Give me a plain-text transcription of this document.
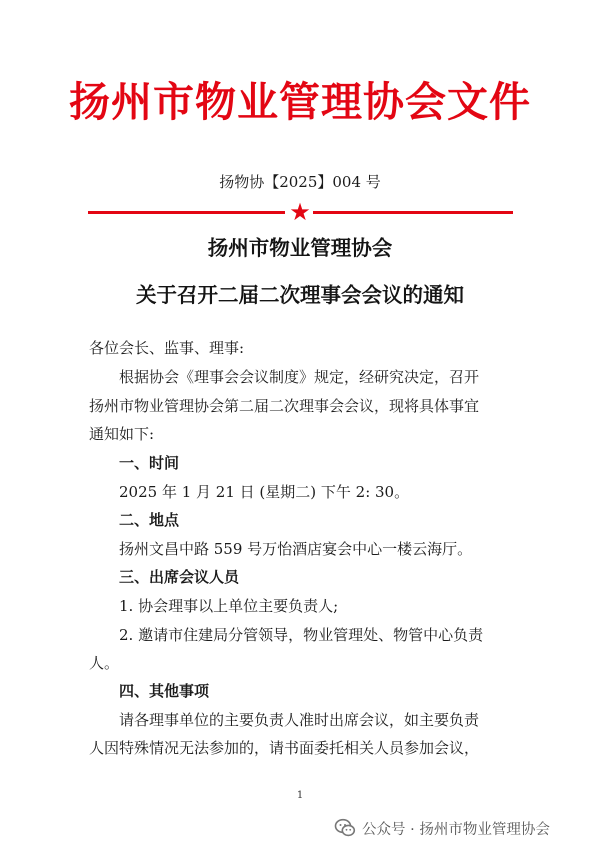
扬州市物业管理协会文件
扬物协【2025】004 号
★
扬州市物业管理协会
关于召开二届二次理事会会议的通知
各位会长、监事、理事:
根据协会《理事会会议制度》规定，经研究决定，召开
扬州市物业管理协会第二届二次理事会会议，现将具体事宜
通知如下:
一、时间
2025 年 1 月 21 日 (星期二) 下午 2: 30。
二、地点
扬州文昌中路 559 号万怡酒店宴会中心一楼云海厅。
三、出席会议人员
1. 协会理事以上单位主要负责人;
2. 邀请市住建局分管领导，物业管理处、物管中心负责
人。
四、其他事项
请各理事单位的主要负责人准时出席会议，如主要负责
人因特殊情况无法参加的，请书面委托相关人员参加会议，
1
公众号 · 扬州市物业管理协会
